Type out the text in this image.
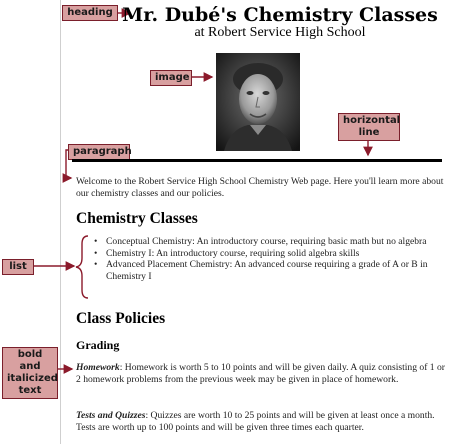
heading
image
horizontal
line
paragraph
list
bold and
italicized
text
Mr. Dubé's Chemistry Classes
at Robert Service High School

Welcome to the Robert Service High School Chemistry Web page. Here you'll learn more about our chemistry classes and our policies.

Chemistry Classes
• Conceptual Chemistry: An introductory course, requiring basic math but no algebra
• Chemistry I: An introductory course, requiring solid algebra skills
• Advanced Placement Chemistry: An advanced course requiring a grade of A or B in Chemistry I
Class Policies
Grading

Homework: Homework is worth 5 to 10 points and will be given daily. A quiz consisting of 1 or 2 homework problems from the previous week may be given in place of homework.

Tests and Quizzes: Quizzes are worth 10 to 25 points and will be given at least once a month. Tests are worth up to 100 points and will be given three times each quarter.
